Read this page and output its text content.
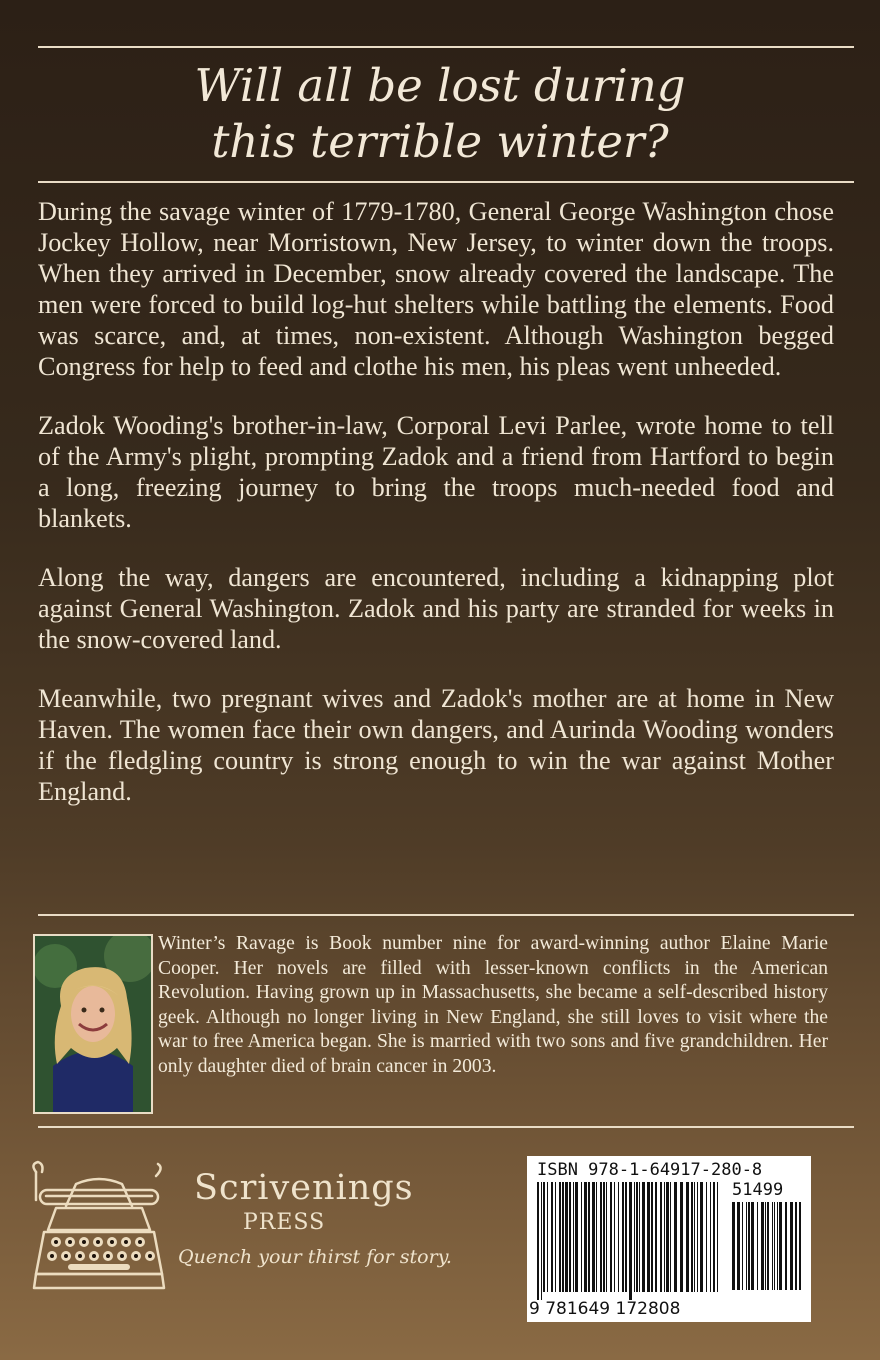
Will all be lost during
this terrible winter?

During the savage winter of 1779-1780, General George Washington chose Jockey Hollow, near Morristown, New Jersey, to winter down the troops. When they arrived in December, snow already covered the landscape. The men were forced to build log-hut shelters while battling the elements. Food was scarce, and, at times, non-existent. Although Washington begged Congress for help to feed and clothe his men, his pleas went unheeded.

Zadok Wooding's brother-in-law, Corporal Levi Parlee, wrote home to tell of the Army's plight, prompting Zadok and a friend from Hartford to begin a long, freezing journey to bring the troops much-needed food and blankets.

Along the way, dangers are encountered, including a kidnapping plot against General Washington. Zadok and his party are stranded for weeks in the snow-covered land.

Meanwhile, two pregnant wives and Zadok's mother are at home in New Haven. The women face their own dangers, and Aurinda Wooding wonders if the fledgling country is strong enough to win the war against Mother England.

Winter’s Ravage is Book number nine for award-winning author Elaine Marie Cooper. Her novels are filled with lesser-known conflicts in the American Revolution. Having grown up in Massachusetts, she became a self-described history geek. Although no longer living in New England, she still loves to visit where the war to free America began. She is married with two sons and five grandchildren. Her only daughter died of brain cancer in 2003.
Scrivenings
PRESS
Quench your thirst for story.
ISBN 978-1-64917-280-8
51499
9 781649 172808
